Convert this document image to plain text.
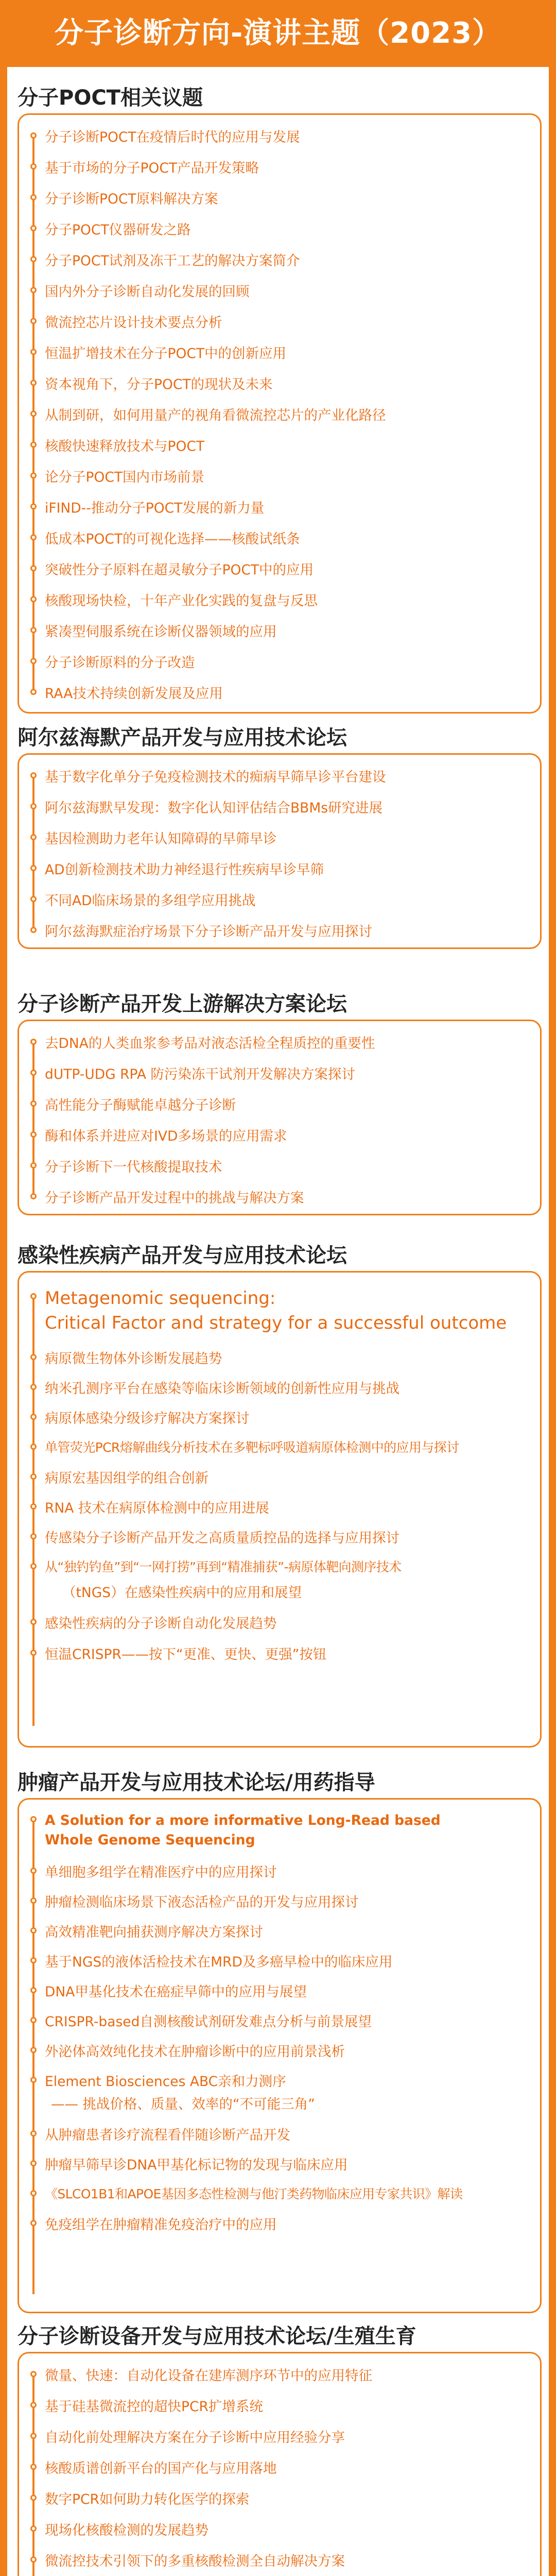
分子诊断方向-演讲主题（2023）
分子POCT相关议题
分子诊断POCT在疫情后时代的应用与发展
基于市场的分子POCT产品开发策略
分子诊断POCT原料解决方案
分子POCT仪器研发之路
分子POCT试剂及冻干工艺的解决方案简介
国内外分子诊断自动化发展的回顾
微流控芯片设计技术要点分析
恒温扩增技术在分子POCT中的创新应用
资本视角下，分子POCT的现状及未来
从制到研，如何用量产的视角看微流控芯片的产业化路径
核酸快速释放技术与POCT
论分子POCT国内市场前景
iFIND--推动分子POCT发展的新力量
低成本POCT的可视化选择——核酸试纸条
突破性分子原料在超灵敏分子POCT中的应用
核酸现场快检，十年产业化实践的复盘与反思
紧凑型伺服系统在诊断仪器领域的应用
分子诊断原料的分子改造
RAA技术持续创新发展及应用
阿尔兹海默产品开发与应用技术论坛
基于数字化单分子免疫检测技术的痴病早筛早诊平台建设
阿尔兹海默早发现：数字化认知评估结合BBMs研究进展
基因检测助力老年认知障碍的早筛早诊
AD创新检测技术助力神经退行性疾病早诊早筛
不同AD临床场景的多组学应用挑战
阿尔兹海默症治疗场景下分子诊断产品开发与应用探讨
分子诊断产品开发上游解决方案论坛
去DNA的人类血浆参考品对液态活检全程质控的重要性
dUTP-UDG RPA 防污染冻干试剂开发解决方案探讨
高性能分子酶赋能卓越分子诊断
酶和体系并进应对IVD多场景的应用需求
分子诊断下一代核酸提取技术
分子诊断产品开发过程中的挑战与解决方案
感染性疾病产品开发与应用技术论坛
Metagenomic sequencing:
Critical Factor and strategy for a successful outcome
病原微生物体外诊断发展趋势
纳米孔测序平台在感染等临床诊断领域的创新性应用与挑战
病原体感染分级诊疗解决方案探讨
单管荧光PCR熔解曲线分析技术在多靶标呼吸道病原体检测中的应用与探讨
病原宏基因组学的组合创新
RNA 技术在病原体检测中的应用进展
传感染分子诊断产品开发之高质量质控品的选择与应用探讨
从“独钓钓鱼”到“一网打捞”再到“精准捕获”-病原体靶向测序技术
（tNGS）在感染性疾病中的应用和展望
感染性疾病的分子诊断自动化发展趋势
恒温CRISPR——按下“更准、更快、更强”按钮
肿瘤产品开发与应用技术论坛/用药指导
A Solution for a more informative Long-Read based
Whole Genome Sequencing
单细胞多组学在精准医疗中的应用探讨
肿瘤检测临床场景下液态活检产品的开发与应用探讨
高效精准靶向捕获测序解决方案探讨
基于NGS的液体活检技术在MRD及多癌早检中的临床应用
DNA甲基化技术在癌症早筛中的应用与展望
CRISPR-based自测核酸试剂研发难点分析与前景展望
外泌体高效纯化技术在肿瘤诊断中的应用前景浅析
Element Biosciences ABC亲和力测序
—— 挑战价格、质量、效率的“不可能三角”
从肿瘤患者诊疗流程看伴随诊断产品开发
肿瘤早筛早诊DNA甲基化标记物的发现与临床应用
《SLCO1B1和APOE基因多态性检测与他汀类药物临床应用专家共识》解读
免疫组学在肿瘤精准免疫治疗中的应用
分子诊断设备开发与应用技术论坛/生殖生育
微量、快速：自动化设备在建库测序环节中的应用特征
基于硅基微流控的超快PCR扩增系统
自动化前处理解决方案在分子诊断中应用经验分享
核酸质谱创新平台的国产化与应用落地
数字PCR如何助力转化医学的探索
现场化核酸检测的发展趋势
微流控技术引领下的多重核酸检测全自动解决方案
